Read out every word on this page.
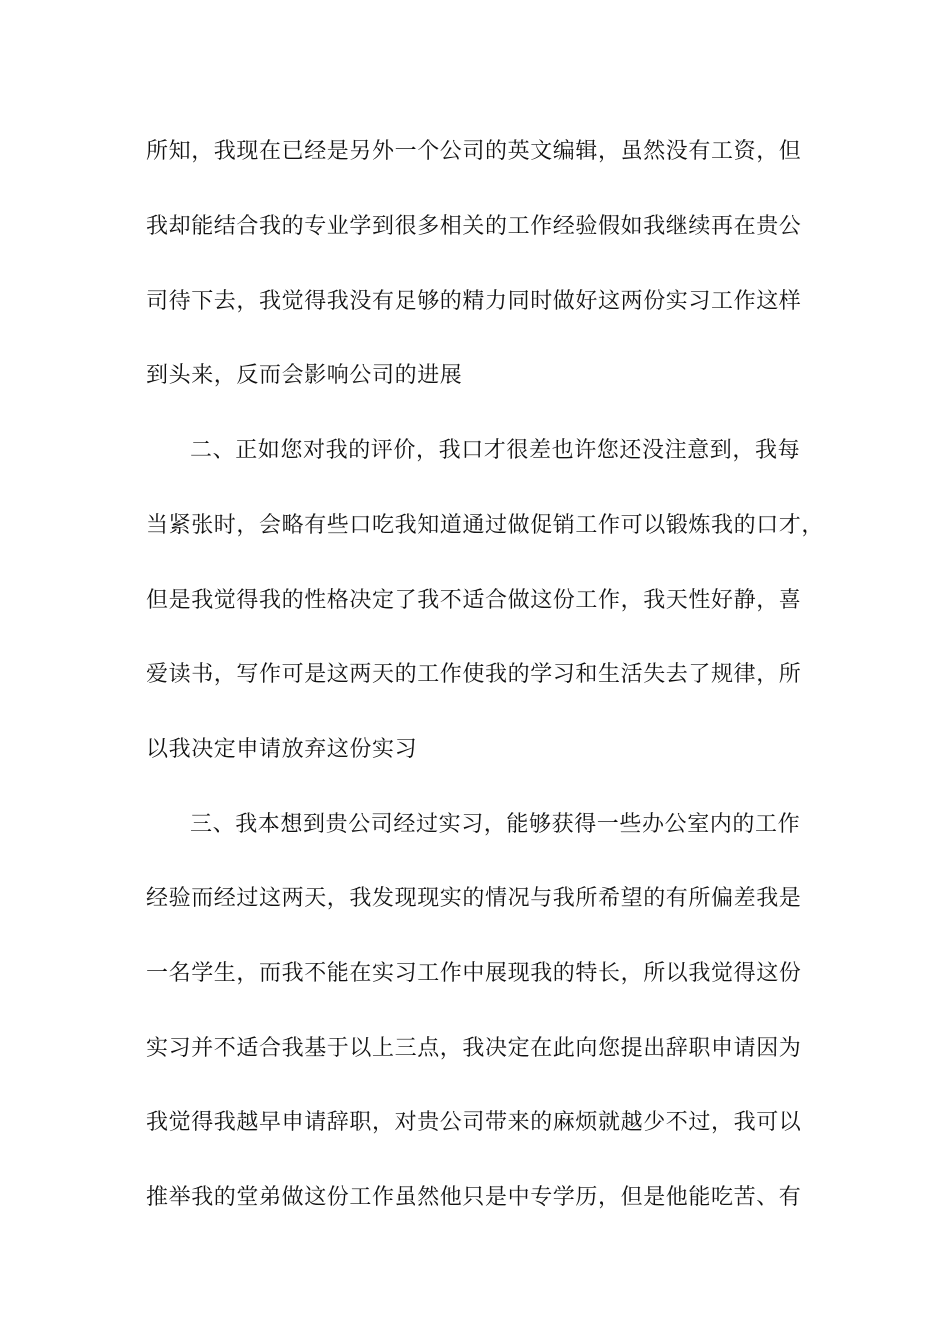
所知，我现在已经是另外一个公司的英文编辑，虽然没有工资，但
我却能结合我的专业学到很多相关的工作经验假如我继续再在贵公
司待下去，我觉得我没有足够的精力同时做好这两份实习工作这样
到头来，反而会影响公司的进展
二、正如您对我的评价，我口才很差也许您还没注意到，我每
当紧张时，会略有些口吃我知道通过做促销工作可以锻炼我的口才，
但是我觉得我的性格决定了我不适合做这份工作，我天性好静，喜
爱读书，写作可是这两天的工作使我的学习和生活失去了规律，所
以我决定申请放弃这份实习
三、我本想到贵公司经过实习，能够获得一些办公室内的工作
经验而经过这两天，我发现现实的情况与我所希望的有所偏差我是
一名学生，而我不能在实习工作中展现我的特长，所以我觉得这份
实习并不适合我基于以上三点，我决定在此向您提出辞职申请因为
我觉得我越早申请辞职，对贵公司带来的麻烦就越少不过，我可以
推举我的堂弟做这份工作虽然他只是中专学历，但是他能吃苦、有
